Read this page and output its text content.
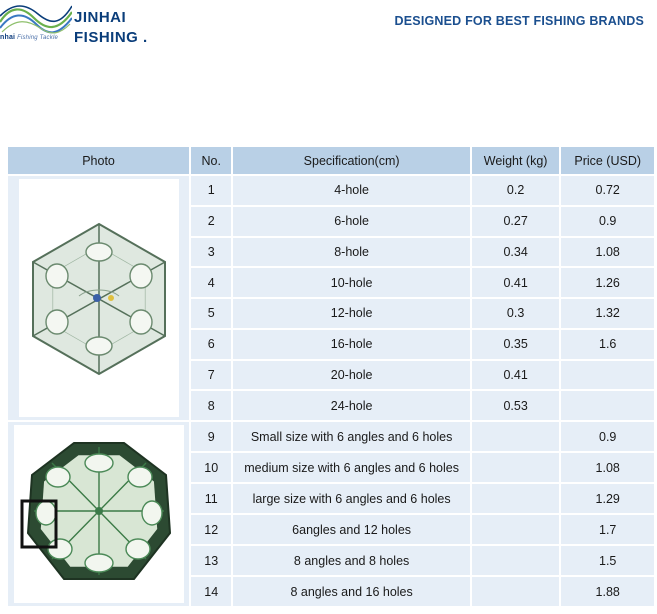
nhai Fishing Tackle
JINHAI
FISHING .
DESIGNED FOR BEST FISHING BRANDS
Photo	No.	Specification(cm)	Weight (kg)	Price (USD)

	1	4-hole	0.2	0.72
	2	6-hole	0.27	0.9
	3	8-hole	0.34	1.08
	4	10-hole	0.41	1.26
	5	12-hole	0.3	1.32
	6	16-hole	0.35	1.6
	7	20-hole	0.41	
	8	24-hole	0.53	

	9	Small size with 6 angles and 6 holes		0.9
	10	medium size with 6 angles and 6 holes		1.08
	11	large size with 6 angles and 6 holes		1.29
	12	6angles and 12 holes		1.7
	13	8 angles and 8 holes		1.5
	14	8 angles and 16 holes		1.88
